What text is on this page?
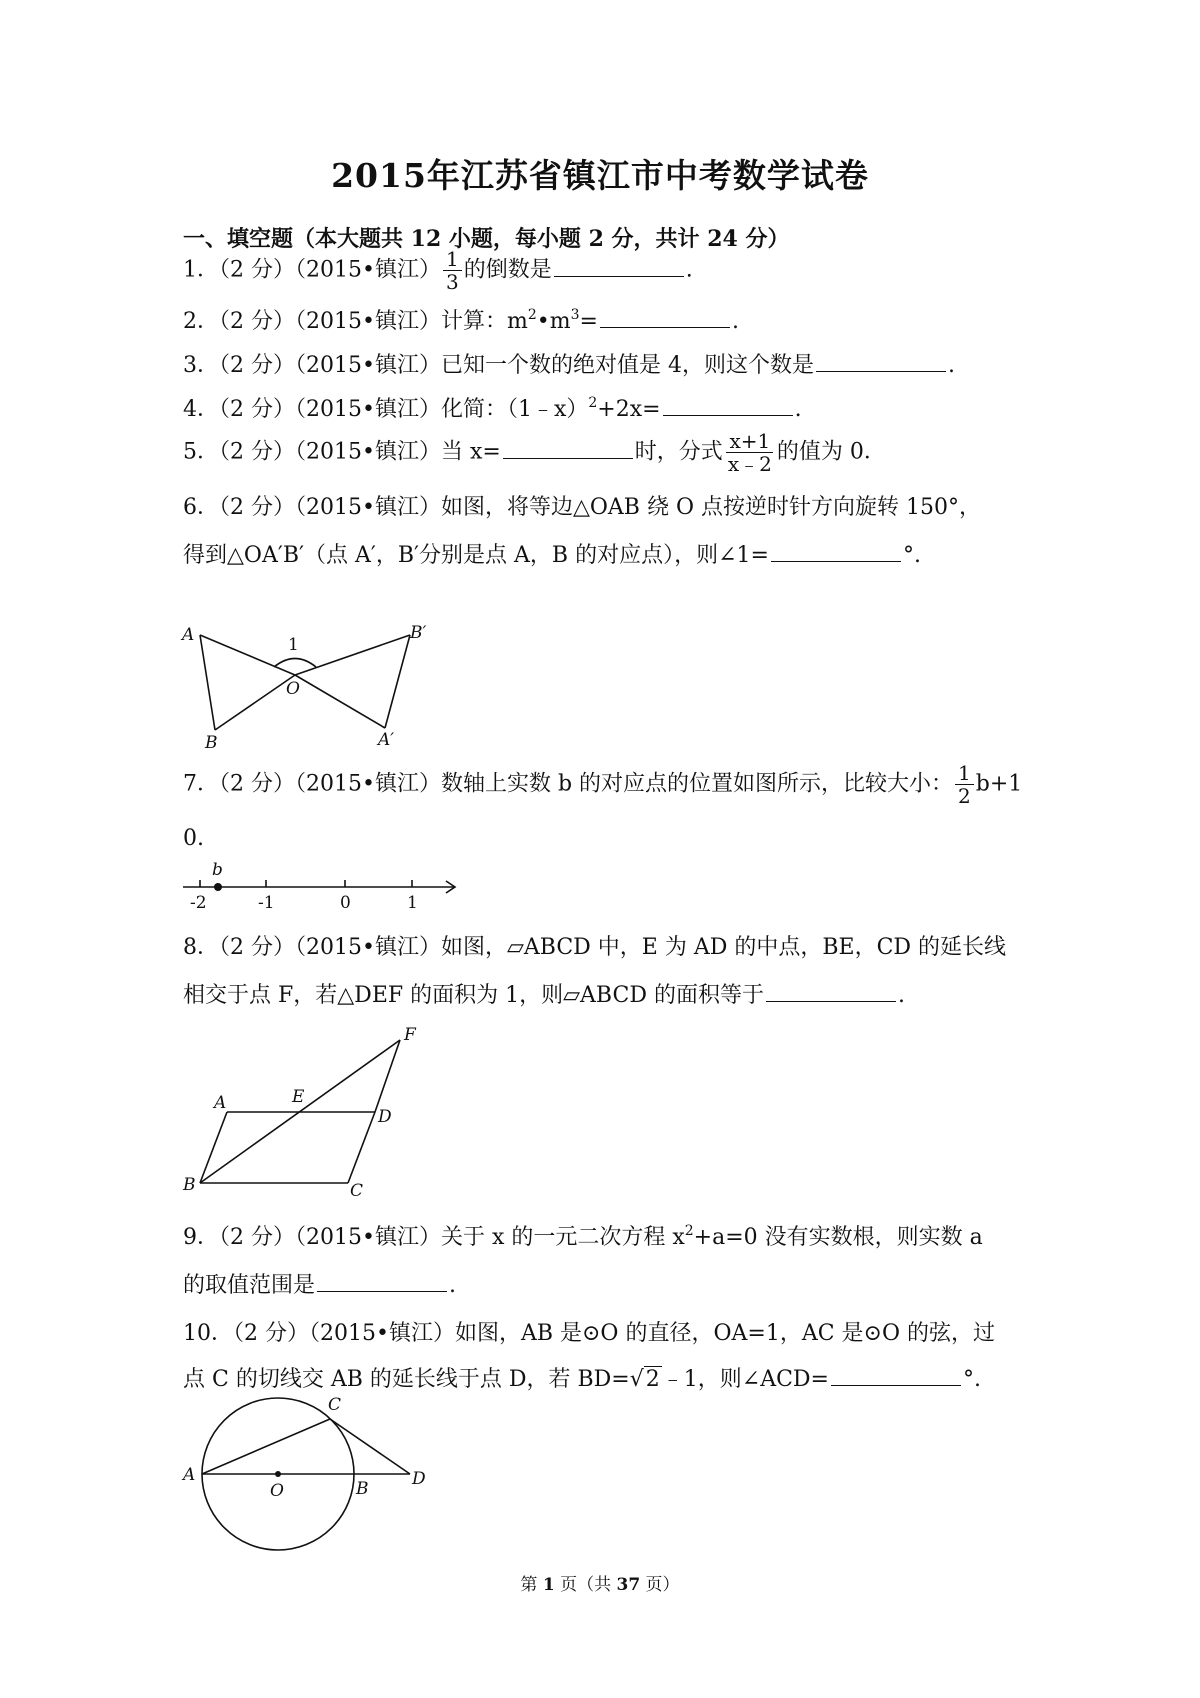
2015年江苏省镇江市中考数学试卷
一、填空题（本大题共 12 小题，每小题 2 分，共计 24 分）
1．（2 分）（2015•镇江） $\frac{1}{3}$ 的倒数是	.
2．（2 分）（2015•镇江）计算：$m^2•m^3=$	.
3．（2 分）（2015•镇江）已知一个数的绝对值是 4，则这个数是	.
4．（2 分）（2015•镇江）化简：（1﹣x）$^2$+2x=	.
5．（2 分）（2015•镇江）当 x=	时，分式 $\frac{x+1}{x﹣2}$ 的值为 0．
6．（2 分）（2015•镇江）如图，将等边△OAB 绕 O 点按逆时针方向旋转 150°，
得到△OA′B′（点 A′，B′分别是点 A，B 的对应点），则∠1=	°.
A
B
O
1
B′
A′
7．（2 分）（2015•镇江）数轴上实数 b 的对应点的位置如图所示，比较大小： $\frac{1}{2} b+1$
0.
b
-2	-1	0	1
8．（2 分）（2015•镇江）如图，▱ABCD 中，E 为 AD 的中点，BE，CD 的延长线
相交于点 F，若△DEF 的面积为 1，则▱ABCD 的面积等于	.
A	E
D
F
B	C
9．（2 分）（2015•镇江）关于 x 的一元二次方程 $x^2+a=0$ 没有实数根，则实数 a
的取值范围是	.
10．（2 分）（2015•镇江）如图，AB 是⊙O 的直径，OA=1，AC 是⊙O 的弦，过
点 C 的切线交 AB 的延长线于点 D，若 BD=√2﹣1，则∠ACD=	°.
A
O	B
C
D
第 1 页（共 37 页）
